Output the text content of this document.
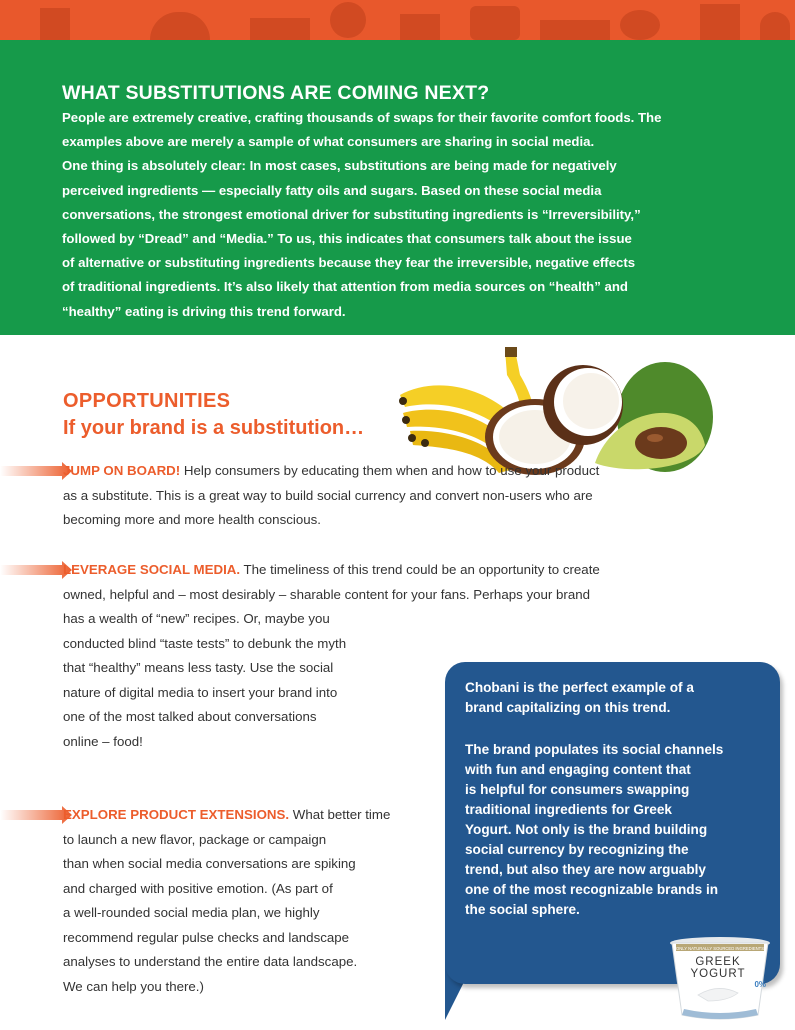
WHAT SUBSTITUTIONS ARE COMING NEXT?

People are extremely creative, crafting thousands of swaps for their favorite comfort foods. The
examples above are merely a sample of what consumers are sharing in social media.
One thing is absolutely clear: In most cases, substitutions are being made for negatively
perceived ingredients — especially fatty oils and sugars. Based on these social media
conversations, the strongest emotional driver for substituting ingredients is “Irreversibility,”
followed by “Dread” and “Media.” To us, this indicates that consumers talk about the issue
of alternative or substituting ingredients because they fear the irreversible, negative effects
of traditional ingredients. It’s also likely that attention from media sources on “health” and
“healthy” eating is driving this trend forward.

OPPORTUNITIES
If your brand is a substitution…
JUMP ON BOARD! Help consumers by educating them when and how to use your product
as a substitute. This is a great way to build social currency and convert non-users who are
becoming more and more health conscious.
LEVERAGE SOCIAL MEDIA. The timeliness of this trend could be an opportunity to create
owned, helpful and – most desirably – sharable content for your fans. Perhaps your brand
has a wealth of “new” recipes. Or, maybe you
conducted blind “taste tests” to debunk the myth
that “healthy” means less tasty. Use the social
nature of digital media to insert your brand into
one of the most talked about conversations
online – food!
EXPLORE PRODUCT EXTENSIONS. What better time
to launch a new flavor, package or campaign
than when social media conversations are spiking
and charged with positive emotion. (As part of
a well-rounded social media plan, we highly
recommend regular pulse checks and landscape
analyses to understand the entire data landscape.
We can help you there.)

Chobani is the perfect example of a
brand capitalizing on this trend.

The brand populates its social channels
with fun and engaging content that
is helpful for consumers swapping
traditional ingredients for Greek
Yogurt. Not only is the brand building
social currency by recognizing the
trend, but also they are now arguably
one of the most recognizable brands in
the social sphere.

ONLY NATURALLY SOURCED INGREDIENTS
GREEK
YOGURT
0%
